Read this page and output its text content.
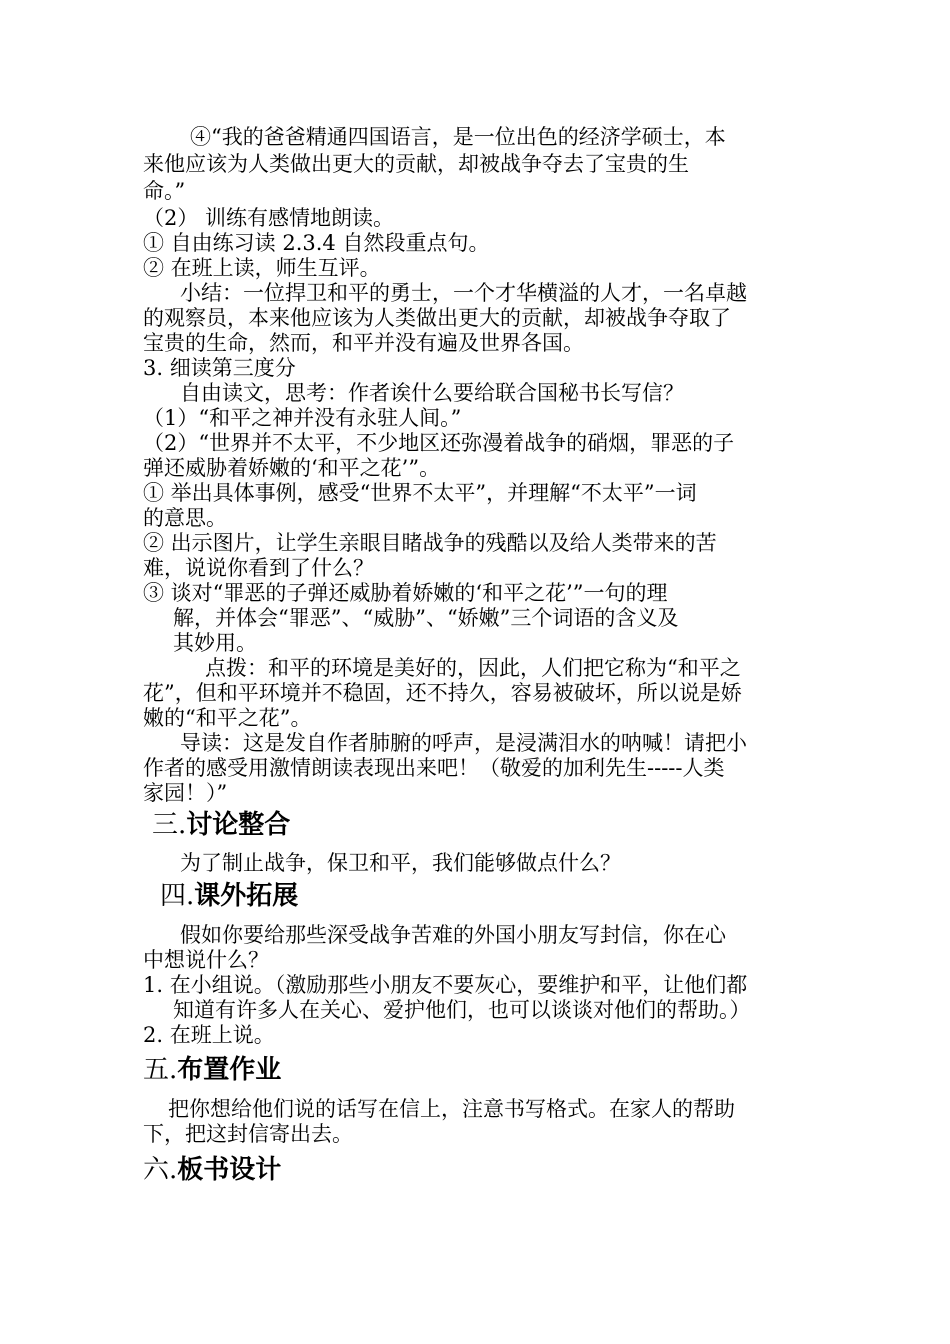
④“我的爸爸精通四国语言，是一位出色的经济学硕士，本
来他应该为人类做出更大的贡献，却被战争夺去了宝贵的生
命。”
（2） 训练有感情地朗读。
① 自由练习读 2.3.4 自然段重点句。
② 在班上读，师生互评。
小结：一位捍卫和平的勇士，一个才华横溢的人才，一名卓越
的观察员，本来他应该为人类做出更大的贡献，却被战争夺取了
宝贵的生命，然而，和平并没有遍及世界各国。
3. 细读第三度分
自由读文，思考：作者诶什么要给联合国秘书长写信？
（1）“和平之神并没有永驻人间。”
（2）“世界并不太平，不少地区还弥漫着战争的硝烟，罪恶的子
弹还威胁着娇嫩的‘和平之花’”。
① 举出具体事例，感受“世界不太平”，并理解“不太平”一词
的意思。
② 出示图片，让学生亲眼目睹战争的残酷以及给人类带来的苦
难，说说你看到了什么？
③ 谈对“罪恶的子弹还威胁着娇嫩的‘和平之花’”一句的理
解，并体会“罪恶”、“威胁”、“娇嫩”三个词语的含义及
其妙用。
点拨：和平的环境是美好的，因此，人们把它称为“和平之
花”，但和平环境并不稳固，还不持久，容易被破坏，所以说是娇
嫩的“和平之花”。
导读：这是发自作者肺腑的呼声，是浸满泪水的呐喊！请把小
作者的感受用激情朗读表现出来吧！（敬爱的加利先生-----人类
家园！）”
三.讨论整合
为了制止战争，保卫和平，我们能够做点什么？
四.课外拓展
假如你要给那些深受战争苦难的外国小朋友写封信，你在心
中想说什么？
1. 在小组说。（激励那些小朋友不要灰心，要维护和平，让他们都
知道有许多人在关心、爱护他们，也可以谈谈对他们的帮助。）
2. 在班上说。
五.布置作业
把你想给他们说的话写在信上，注意书写格式。在家人的帮助
下，把这封信寄出去。
六.板书设计
